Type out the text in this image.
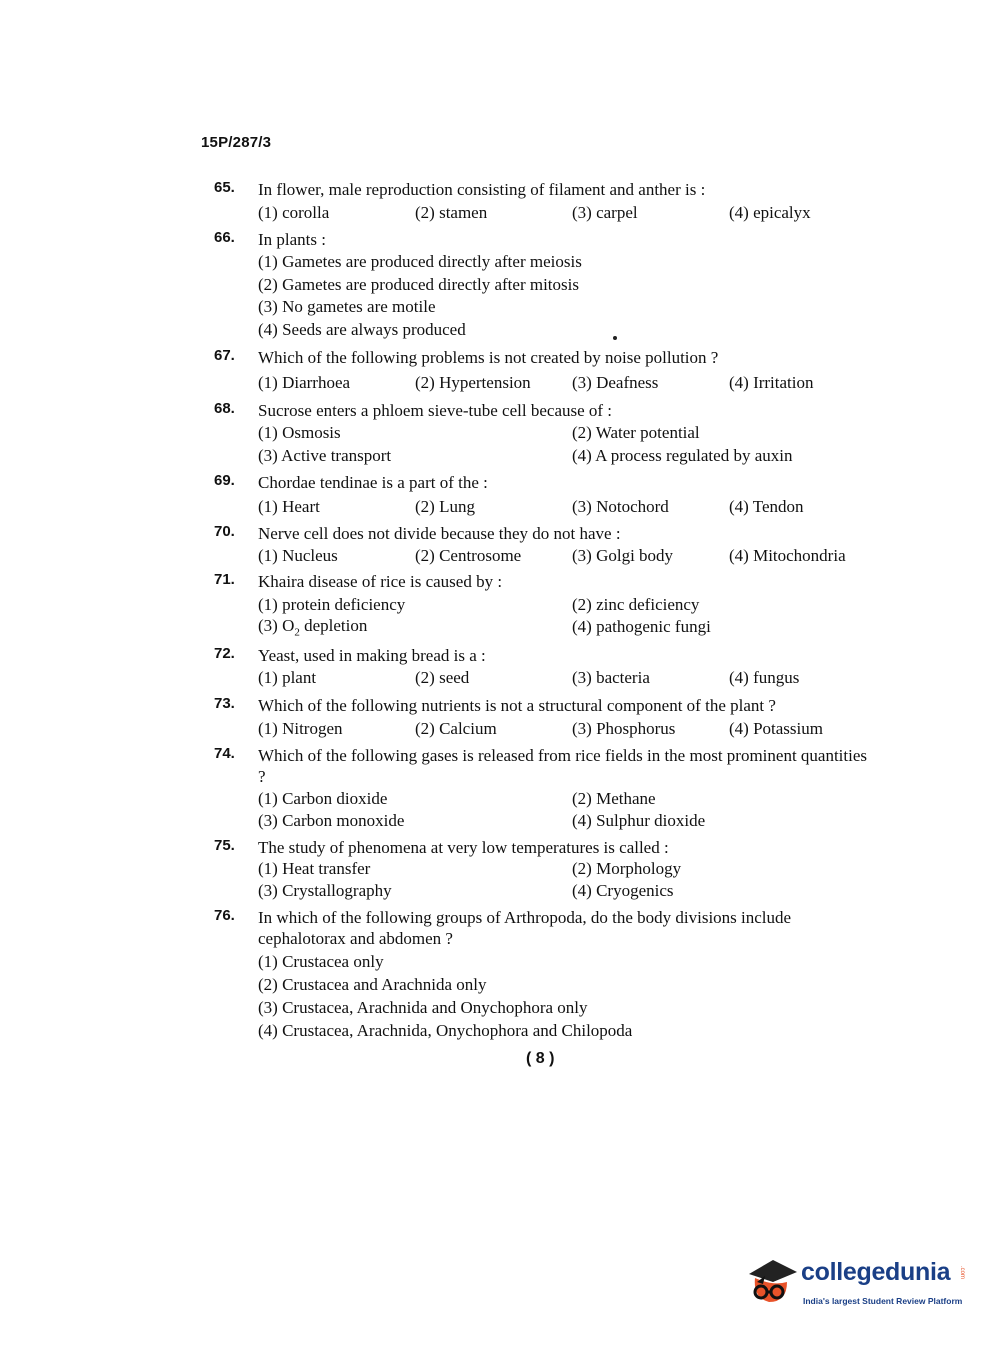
15P/287/3
65. In flower, male reproduction consisting of filament and anther is :
(1) corolla	(2) stamen	(3) carpel	(4) epicalyx
66. In plants :
(1) Gametes are produced directly after meiosis
(2) Gametes are produced directly after mitosis
(3) No gametes are motile
(4) Seeds are always produced
67. Which of the following problems is not created by noise pollution ?
(1) Diarrhoea	(2) Hypertension (3) Deafness	(4) Irritation
68. Sucrose enters a phloem sieve-tube cell because of :
(1) Osmosis	(2) Water potential
(3) Active transport	(4) A process regulated by auxin
69. Chordae tendinae is a part of the :
(1) Heart	(2) Lung	(3) Notochord	(4) Tendon
70. Nerve cell does not divide because they do not have :
(1) Nucleus	(2) Centrosome	(3) Golgi body	(4) Mitochondria
71. Khaira disease of rice is caused by :
(1) protein deficiency	(2) zinc deficiency
(3) $O_2$ depletion	(4) pathogenic fungi
72. Yeast, used in making bread is a :
(1) plant	(2) seed	(3) bacteria	(4) fungus
73. Which of the following nutrients is not a structural component of the plant ?
(1) Nitrogen	(2) Calcium	(3) Phosphorus	(4) Potassium
74. Which of the following gases is released from rice fields in the most prominent quantities ?
(1) Carbon dioxide	(2) Methane
(3) Carbon monoxide	(4) Sulphur dioxide
75. The study of phenomena at very low temperatures is called :
(1) Heat transfer	(2) Morphology
(3) Crystallography	(4) Cryogenics
76. In which of the following groups of Arthropoda, do the body divisions include cephalotorax and abdomen ?
(1) Crustacea only
(2) Crustacea and Arachnida only
(3) Crustacea, Arachnida and Onychophora only
(4) Crustacea, Arachnida, Onychophora and Chilopoda
( 8 )
collegedunia .com
India's largest Student Review Platform
